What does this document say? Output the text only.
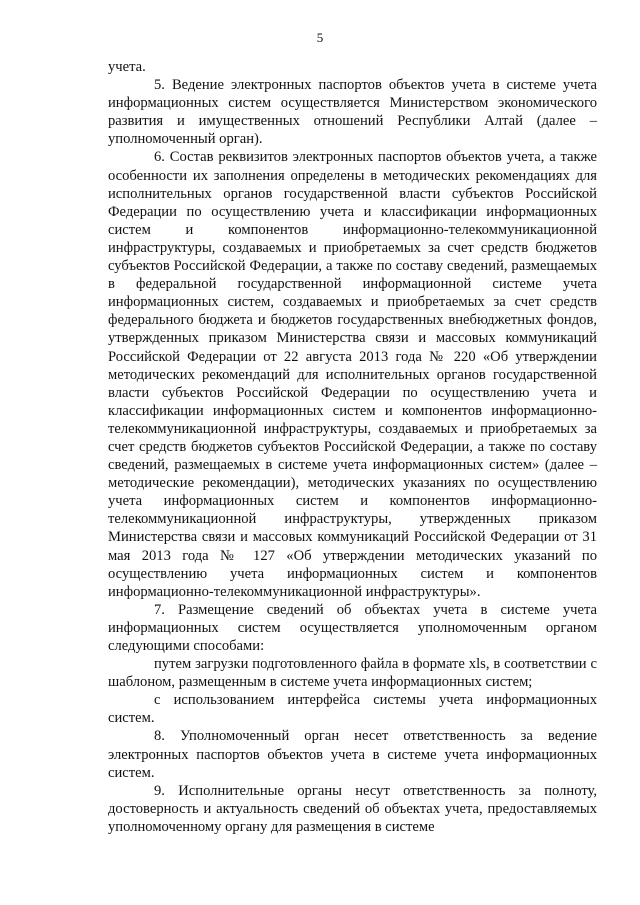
5

учета.

5. Ведение электронных паспортов объектов учета в системе учета информационных систем осуществляется Министерством экономического развития и имущественных отношений Республики Алтай (далее – уполномоченный орган).

6. Состав реквизитов электронных паспортов объектов учета, а также особенности их заполнения определены в методических рекомендациях для исполнительных органов государственной власти субъектов Российской Федерации по осуществлению учета и классификации информационных систем и компонентов информационно-телекоммуникационной инфраструктуры, создаваемых и приобретаемых за счет средств бюджетов субъектов Российской Федерации, а также по составу сведений, размещаемых в федеральной государственной информационной системе учета информационных систем, создаваемых и приобретаемых за счет средств федерального бюджета и бюджетов государственных внебюджетных фондов, утвержденных приказом Министерства связи и массовых коммуникаций Российской Федерации от 22 августа 2013 года № 220 «Об утверждении методических рекомендаций для исполнительных органов государственной власти субъектов Российской Федерации по осуществлению учета и классификации информационных систем и компонентов информационно-телекоммуникационной инфраструктуры, создаваемых и приобретаемых за счет средств бюджетов субъектов Российской Федерации, а также по составу сведений, размещаемых в системе учета информационных систем» (далее – методические рекомендации), методических указаниях по осуществлению учета информационных систем и компонентов информационно-телекоммуникационной инфраструктуры, утвержденных приказом Министерства связи и массовых коммуникаций Российской Федерации от 31 мая 2013 года № 127 «Об утверждении методических указаний по осуществлению учета информационных систем и компонентов информационно-телекоммуникационной инфраструктуры».

7. Размещение сведений об объектах учета в системе учета информационных систем осуществляется уполномоченным органом следующими способами:

путем загрузки подготовленного файла в формате xls, в соответствии с шаблоном, размещенным в системе учета информационных систем;

с использованием интерфейса системы учета информационных систем.

8. Уполномоченный орган несет ответственность за ведение электронных паспортов объектов учета в системе учета информационных систем.

9. Исполнительные органы несут ответственность за полноту, достоверность и актуальность сведений об объектах учета, предоставляемых уполномоченному органу для размещения в системе
